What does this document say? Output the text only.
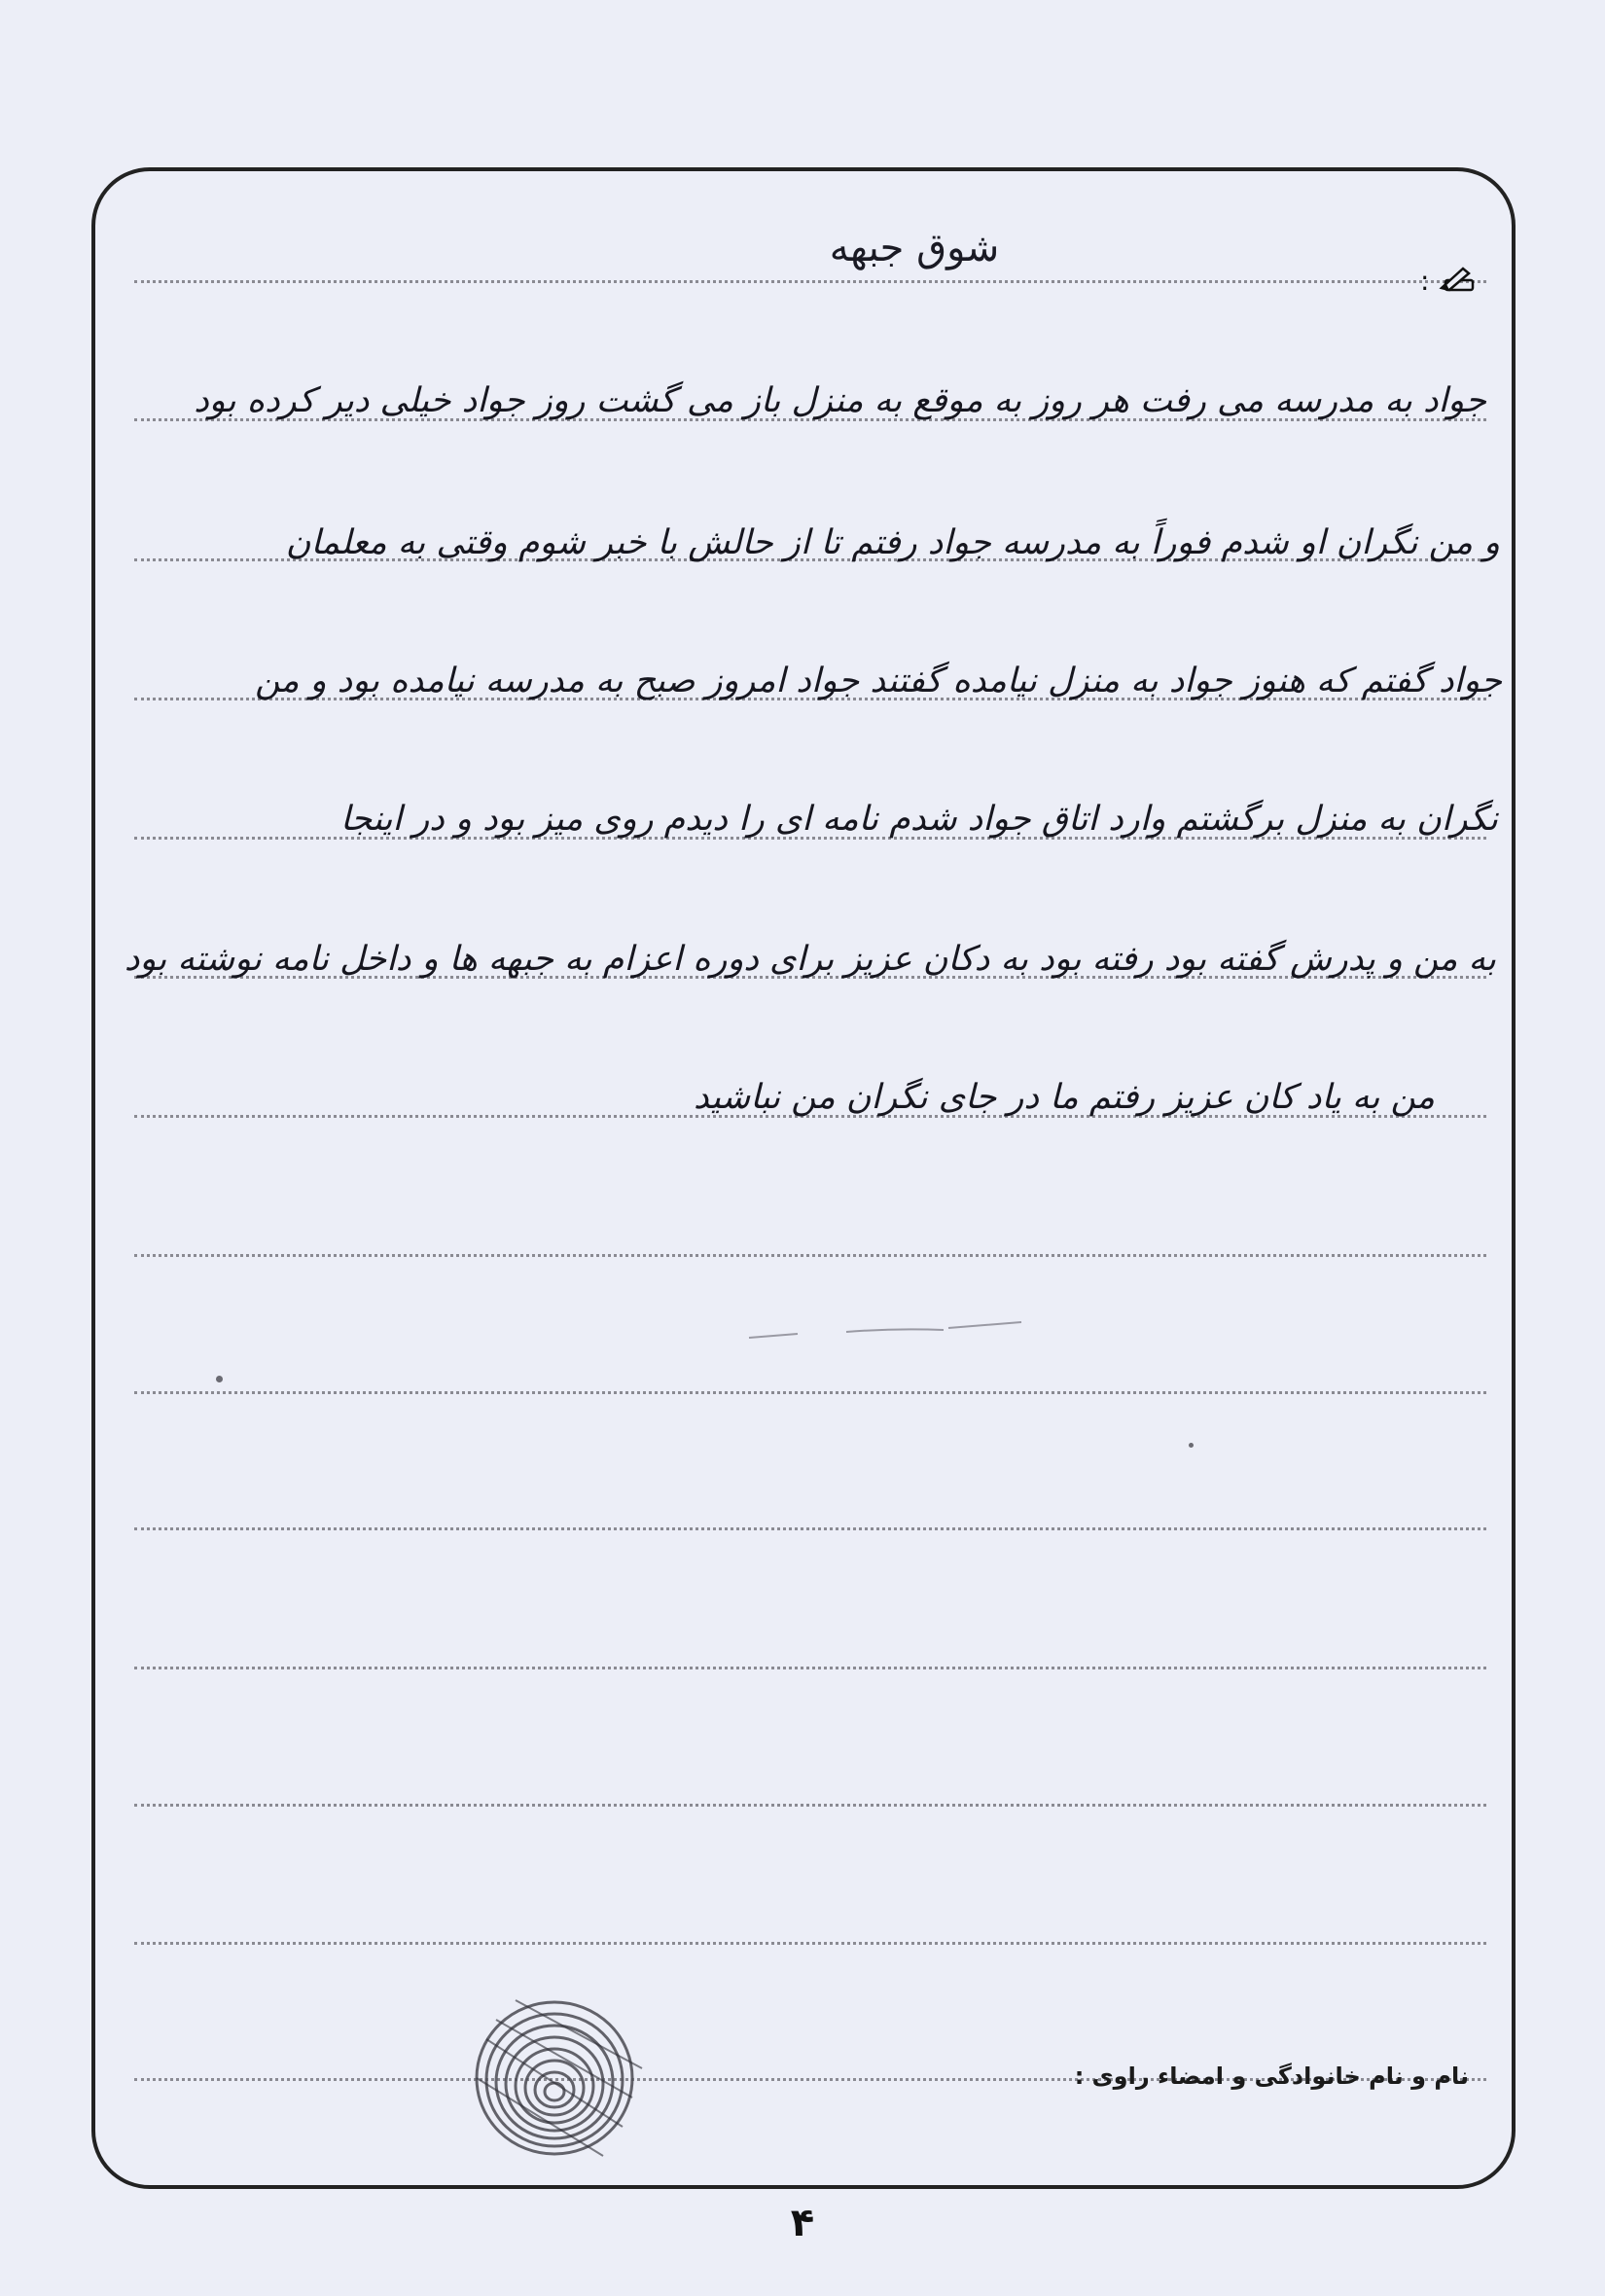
:
شوق جبهه
جواد به مدرسه می رفت هر روز به موقع به منزل باز می گشت روز جواد خیلی دیر کرده بود
و من نگران او شدم فوراً به مدرسه جواد رفتم تا از حالش با خبر شوم وقتی به معلمان
جواد گفتم که هنوز جواد به منزل نیامده گفتند جواد امروز صبح به مدرسه نیامده بود و من
نگران به منزل برگشتم وارد اتاق جواد شدم نامه ای را دیدم روی میز بود و در اینجا
به من و پدرش گفته بود رفته بود به دکان عزیز برای دوره اعزام به جبهه ها و داخل نامه نوشته بود
من به یاد کان عزیز رفتم ما در جای نگران من نباشید
نام و نام خانوادگی و امضاء راوی :
۴
